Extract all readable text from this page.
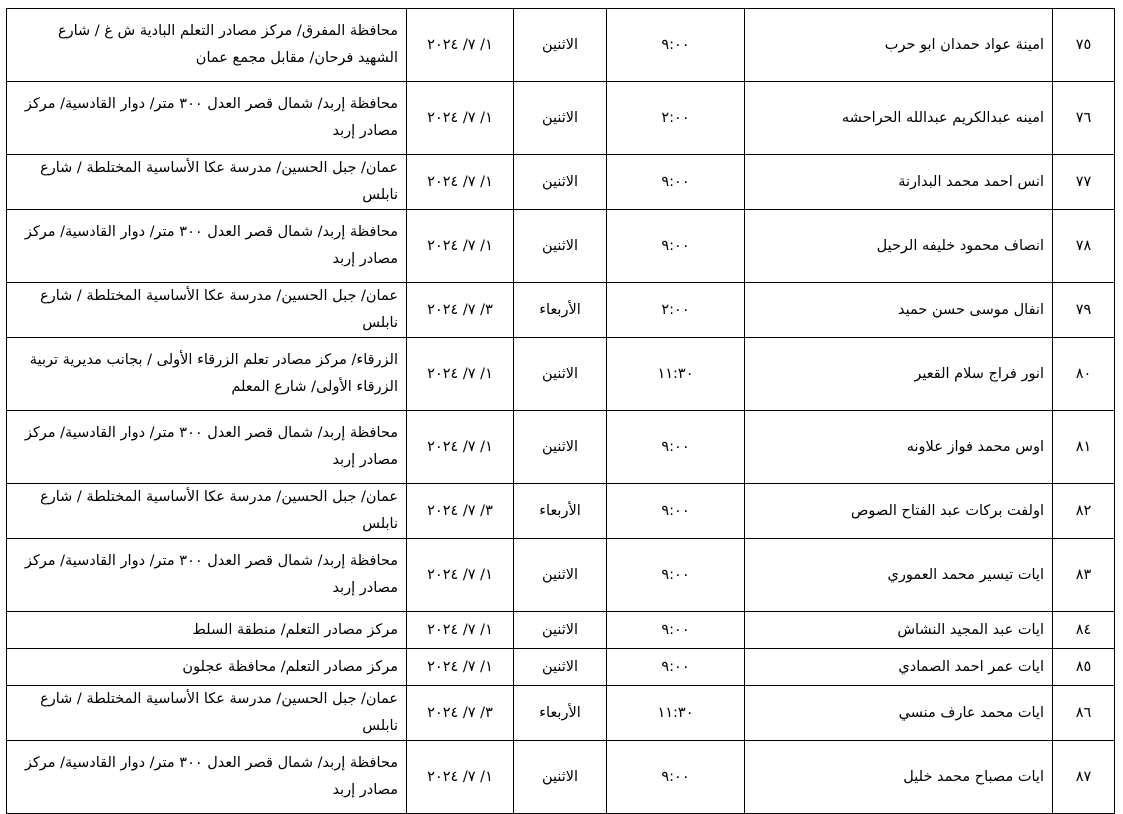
٧٥	امينة عواد حمدان ابو حرب	٩:٠٠	الاثنين	١/ ٧/ ٢٠٢٤	محافظة المفرق/ مركز مصادر التعلم البادية ش غ / شارع الشهيد فرحان/ مقابل مجمع عمان
٧٦	امينه عبدالكريم عبدالله الحراحشه	٢:٠٠	الاثنين	١/ ٧/ ٢٠٢٤	محافظة إربد/ شمال قصر العدل ٣٠٠ متر/ دوار القادسية/ مركز مصادر إربد
٧٧	انس احمد محمد البدارنة	٩:٠٠	الاثنين	١/ ٧/ ٢٠٢٤	عمان/ جبل الحسين/ مدرسة عكا الأساسية المختلطة / شارع نابلس
٧٨	انصاف محمود خليفه الرحيل	٩:٠٠	الاثنين	١/ ٧/ ٢٠٢٤	محافظة إربد/ شمال قصر العدل ٣٠٠ متر/ دوار القادسية/ مركز مصادر إربد
٧٩	انفال موسى حسن حميد	٢:٠٠	الأربعاء	٣/ ٧/ ٢٠٢٤	عمان/ جبل الحسين/ مدرسة عكا الأساسية المختلطة / شارع نابلس
٨٠	انور فراج سلام القعير	١١:٣٠	الاثنين	١/ ٧/ ٢٠٢٤	الزرقاء/ مركز مصادر تعلم الزرقاء الأولى / بجانب مديرية تربية الزرقاء الأولى/ شارع المعلم
٨١	اوس محمد فواز علاونه	٩:٠٠	الاثنين	١/ ٧/ ٢٠٢٤	محافظة إربد/ شمال قصر العدل ٣٠٠ متر/ دوار القادسية/ مركز مصادر إربد
٨٢	اولفت بركات عبد الفتاح الصوص	٩:٠٠	الأربعاء	٣/ ٧/ ٢٠٢٤	عمان/ جبل الحسين/ مدرسة عكا الأساسية المختلطة / شارع نابلس
٨٣	ايات تيسير محمد العموري	٩:٠٠	الاثنين	١/ ٧/ ٢٠٢٤	محافظة إربد/ شمال قصر العدل ٣٠٠ متر/ دوار القادسية/ مركز مصادر إربد
٨٤	ايات عبد المجيد النشاش	٩:٠٠	الاثنين	١/ ٧/ ٢٠٢٤	مركز مصادر التعلم/ منطقة السلط
٨٥	ايات عمر احمد الصمادي	٩:٠٠	الاثنين	١/ ٧/ ٢٠٢٤	مركز مصادر التعلم/ محافظة عجلون
٨٦	ايات محمد عارف منسي	١١:٣٠	الأربعاء	٣/ ٧/ ٢٠٢٤	عمان/ جبل الحسين/ مدرسة عكا الأساسية المختلطة / شارع نابلس
٨٧	ايات مصباح محمد خليل	٩:٠٠	الاثنين	١/ ٧/ ٢٠٢٤	محافظة إربد/ شمال قصر العدل ٣٠٠ متر/ دوار القادسية/ مركز مصادر إربد
